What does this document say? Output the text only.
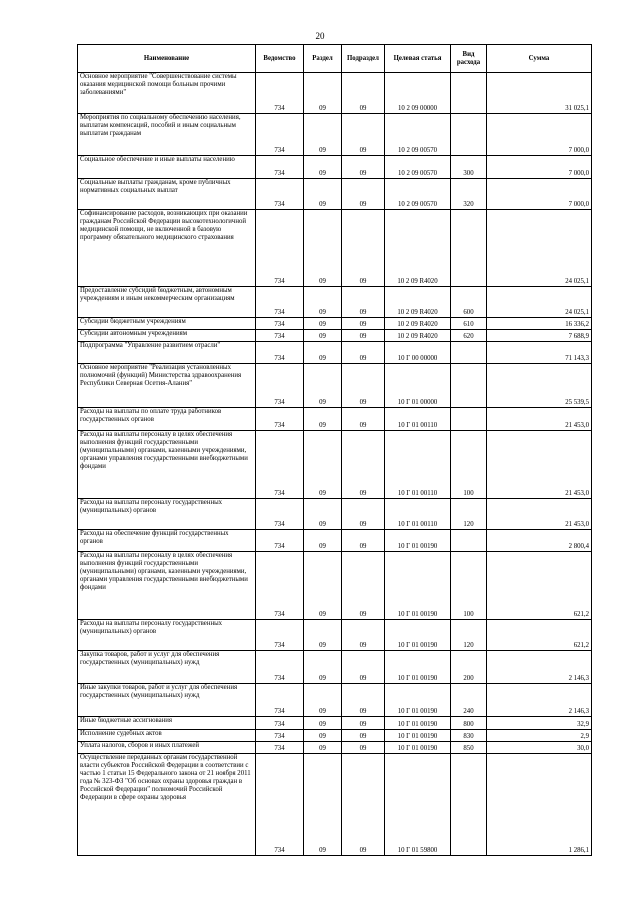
20
Наименование	Ведомство	Раздел	Подраздел	Целевая статья	Вид расхода	Сумма
Основное мероприятие "Совершенствование системы оказания медицинской помощи больным прочими заболеваниями"	734	09	09	10 2 09 00000		31 025,1
Мероприятия по социальному обеспечению населения, выплатам компенсаций, пособий и иным социальным выплатам гражданам	734	09	09	10 2 09 00570		7 000,0
Социальное обеспечение и иные выплаты населению	734	09	09	10 2 09 00570	300	7 000,0
Социальные выплаты гражданам, кроме публичных нормативных социальных выплат	734	09	09	10 2 09 00570	320	7 000,0
Софинансирование расходов, возникающих при оказании гражданам Российской Федерации высокотехнологичной медицинской помощи, не включенной в базовую программу обязательного медицинского страхования	734	09	09	10 2 09 R4020		24 025,1
Предоставление субсидий бюджетным, автономным учреждениям и иным некоммерческим организациям	734	09	09	10 2 09 R4020	600	24 025,1
Субсидии бюджетным учреждениям	734	09	09	10 2 09 R4020	610	16 336,2
Субсидии автономным учреждениям	734	09	09	10 2 09 R4020	620	7 688,9
Подпрограмма "Управление развитием отрасли"	734	09	09	10 Г 00 00000		71 143,3
Основное мероприятие "Реализация установленных полномочий (функций) Министерства здравоохранения Республики Северная Осетия-Алания"	734	09	09	10 Г 01 00000		25 539,5
Расходы на выплаты по оплате труда работников государственных органов	734	09	09	10 Г 01 00110		21 453,0
Расходы на выплаты персоналу в целях обеспечения выполнения функций государственными (муниципальными) органами, казенными учреждениями, органами управления государственными внебюджетными фондами	734	09	09	10 Г 01 00110	100	21 453,0
Расходы на выплаты персоналу государственных (муниципальных) органов	734	09	09	10 Г 01 00110	120	21 453,0
Расходы на обеспечение функций государственных органов	734	09	09	10 Г 01 00190		2 800,4
Расходы на выплаты персоналу в целях обеспечения выполнения функций государственными (муниципальными) органами, казенными учреждениями, органами управления государственными внебюджетными фондами	734	09	09	10 Г 01 00190	100	621,2
Расходы на выплаты персоналу государственных (муниципальных) органов	734	09	09	10 Г 01 00190	120	621,2
Закупка товаров, работ и услуг для обеспечения государственных (муниципальных) нужд	734	09	09	10 Г 01 00190	200	2 146,3
Иные закупки товаров, работ и услуг для обеспечения государственных (муниципальных) нужд	734	09	09	10 Г 01 00190	240	2 146,3
Иные бюджетные ассигнования	734	09	09	10 Г 01 00190	800	32,9
Исполнение судебных актов	734	09	09	10 Г 01 00190	830	2,9
Уплата налогов, сборов и иных платежей	734	09	09	10 Г 01 00190	850	30,0
Осуществление переданных органам государственной власти субъектов Российской Федерации в соответствии с частью 1 статьи 15 Федерального закона от 21 ноября 2011 года № 323-ФЗ "Об основах охраны здоровья граждан в Российской Федерации" полномочий Российской Федерации в сфере охраны здоровья	734	09	09	10 Г 01 59800		1 286,1
